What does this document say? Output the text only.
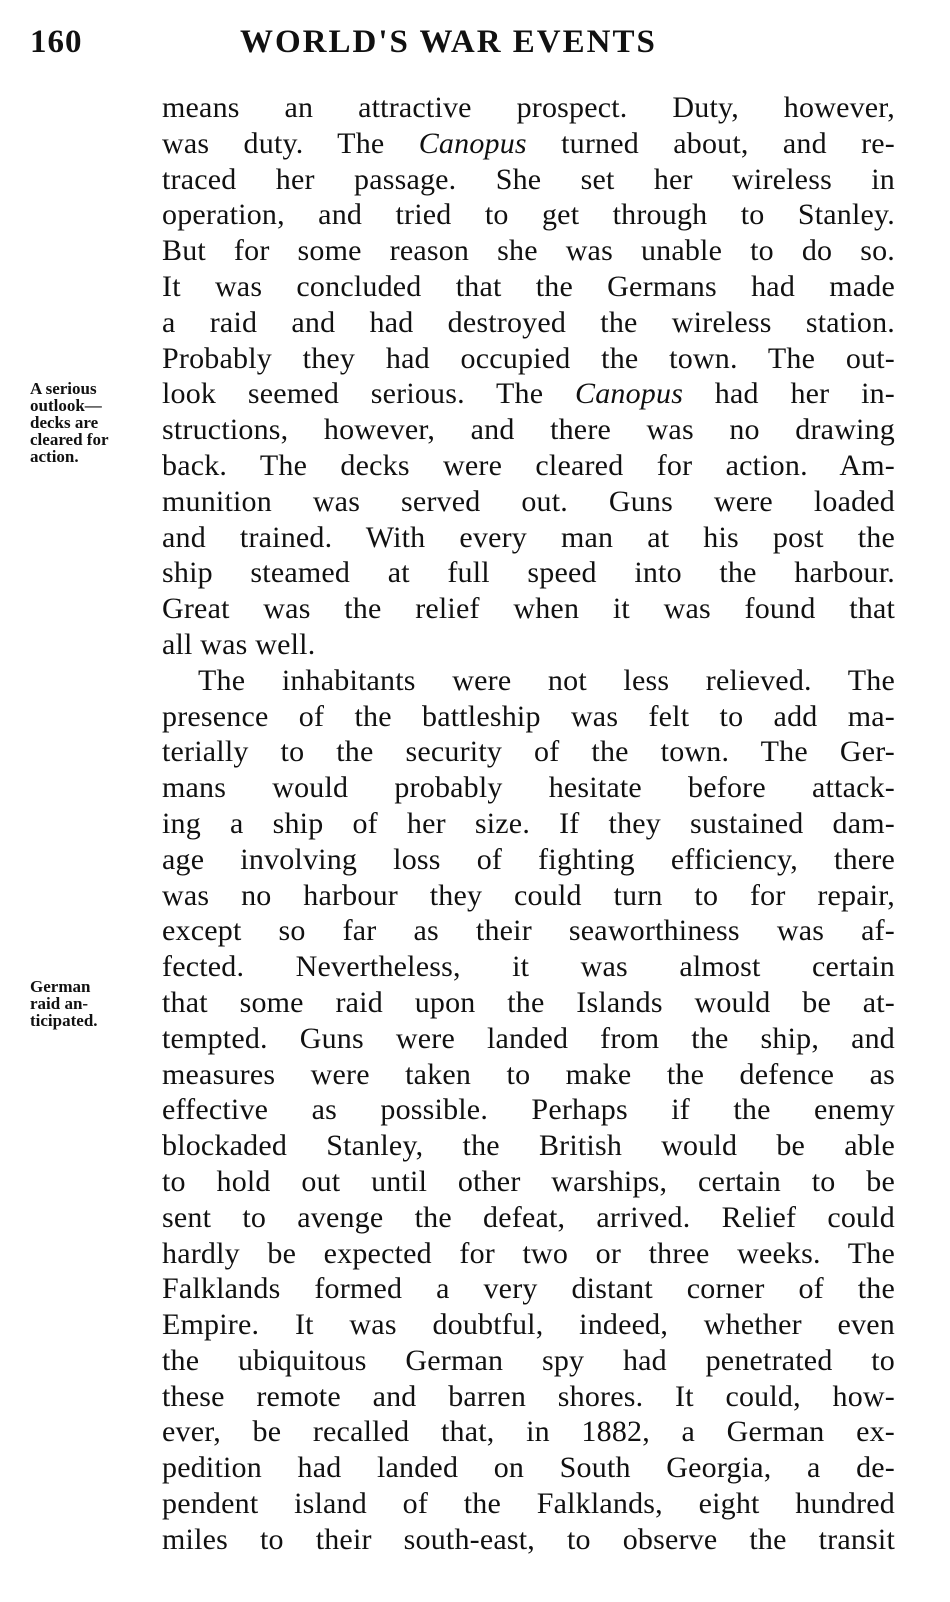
160	WORLD'S WAR EVENTS
A serious
outlook—
decks are
cleared for
action.
German
raid an-
ticipated.
means an attractive prospect. Duty, however,
was duty. The Canopus turned about, and re-
traced her passage. She set her wireless in
operation, and tried to get through to Stanley.
But for some reason she was unable to do so.
It was concluded that the Germans had made
a raid and had destroyed the wireless station.
Probably they had occupied the town. The out-
look seemed serious. The Canopus had her in-
structions, however, and there was no drawing
back. The decks were cleared for action. Am-
munition was served out. Guns were loaded
and trained. With every man at his post the
ship steamed at full speed into the harbour.
Great was the relief when it was found that
all was well.
The inhabitants were not less relieved. The
presence of the battleship was felt to add ma-
terially to the security of the town. The Ger-
mans would probably hesitate before attack-
ing a ship of her size. If they sustained dam-
age involving loss of fighting efficiency, there
was no harbour they could turn to for repair,
except so far as their seaworthiness was af-
fected. Nevertheless, it was almost certain
that some raid upon the Islands would be at-
tempted. Guns were landed from the ship, and
measures were taken to make the defence as
effective as possible. Perhaps if the enemy
blockaded Stanley, the British would be able
to hold out until other warships, certain to be
sent to avenge the defeat, arrived. Relief could
hardly be expected for two or three weeks. The
Falklands formed a very distant corner of the
Empire. It was doubtful, indeed, whether even
the ubiquitous German spy had penetrated to
these remote and barren shores. It could, how-
ever, be recalled that, in 1882, a German ex-
pedition had landed on South Georgia, a de-
pendent island of the Falklands, eight hundred
miles to their south-east, to observe the transit
